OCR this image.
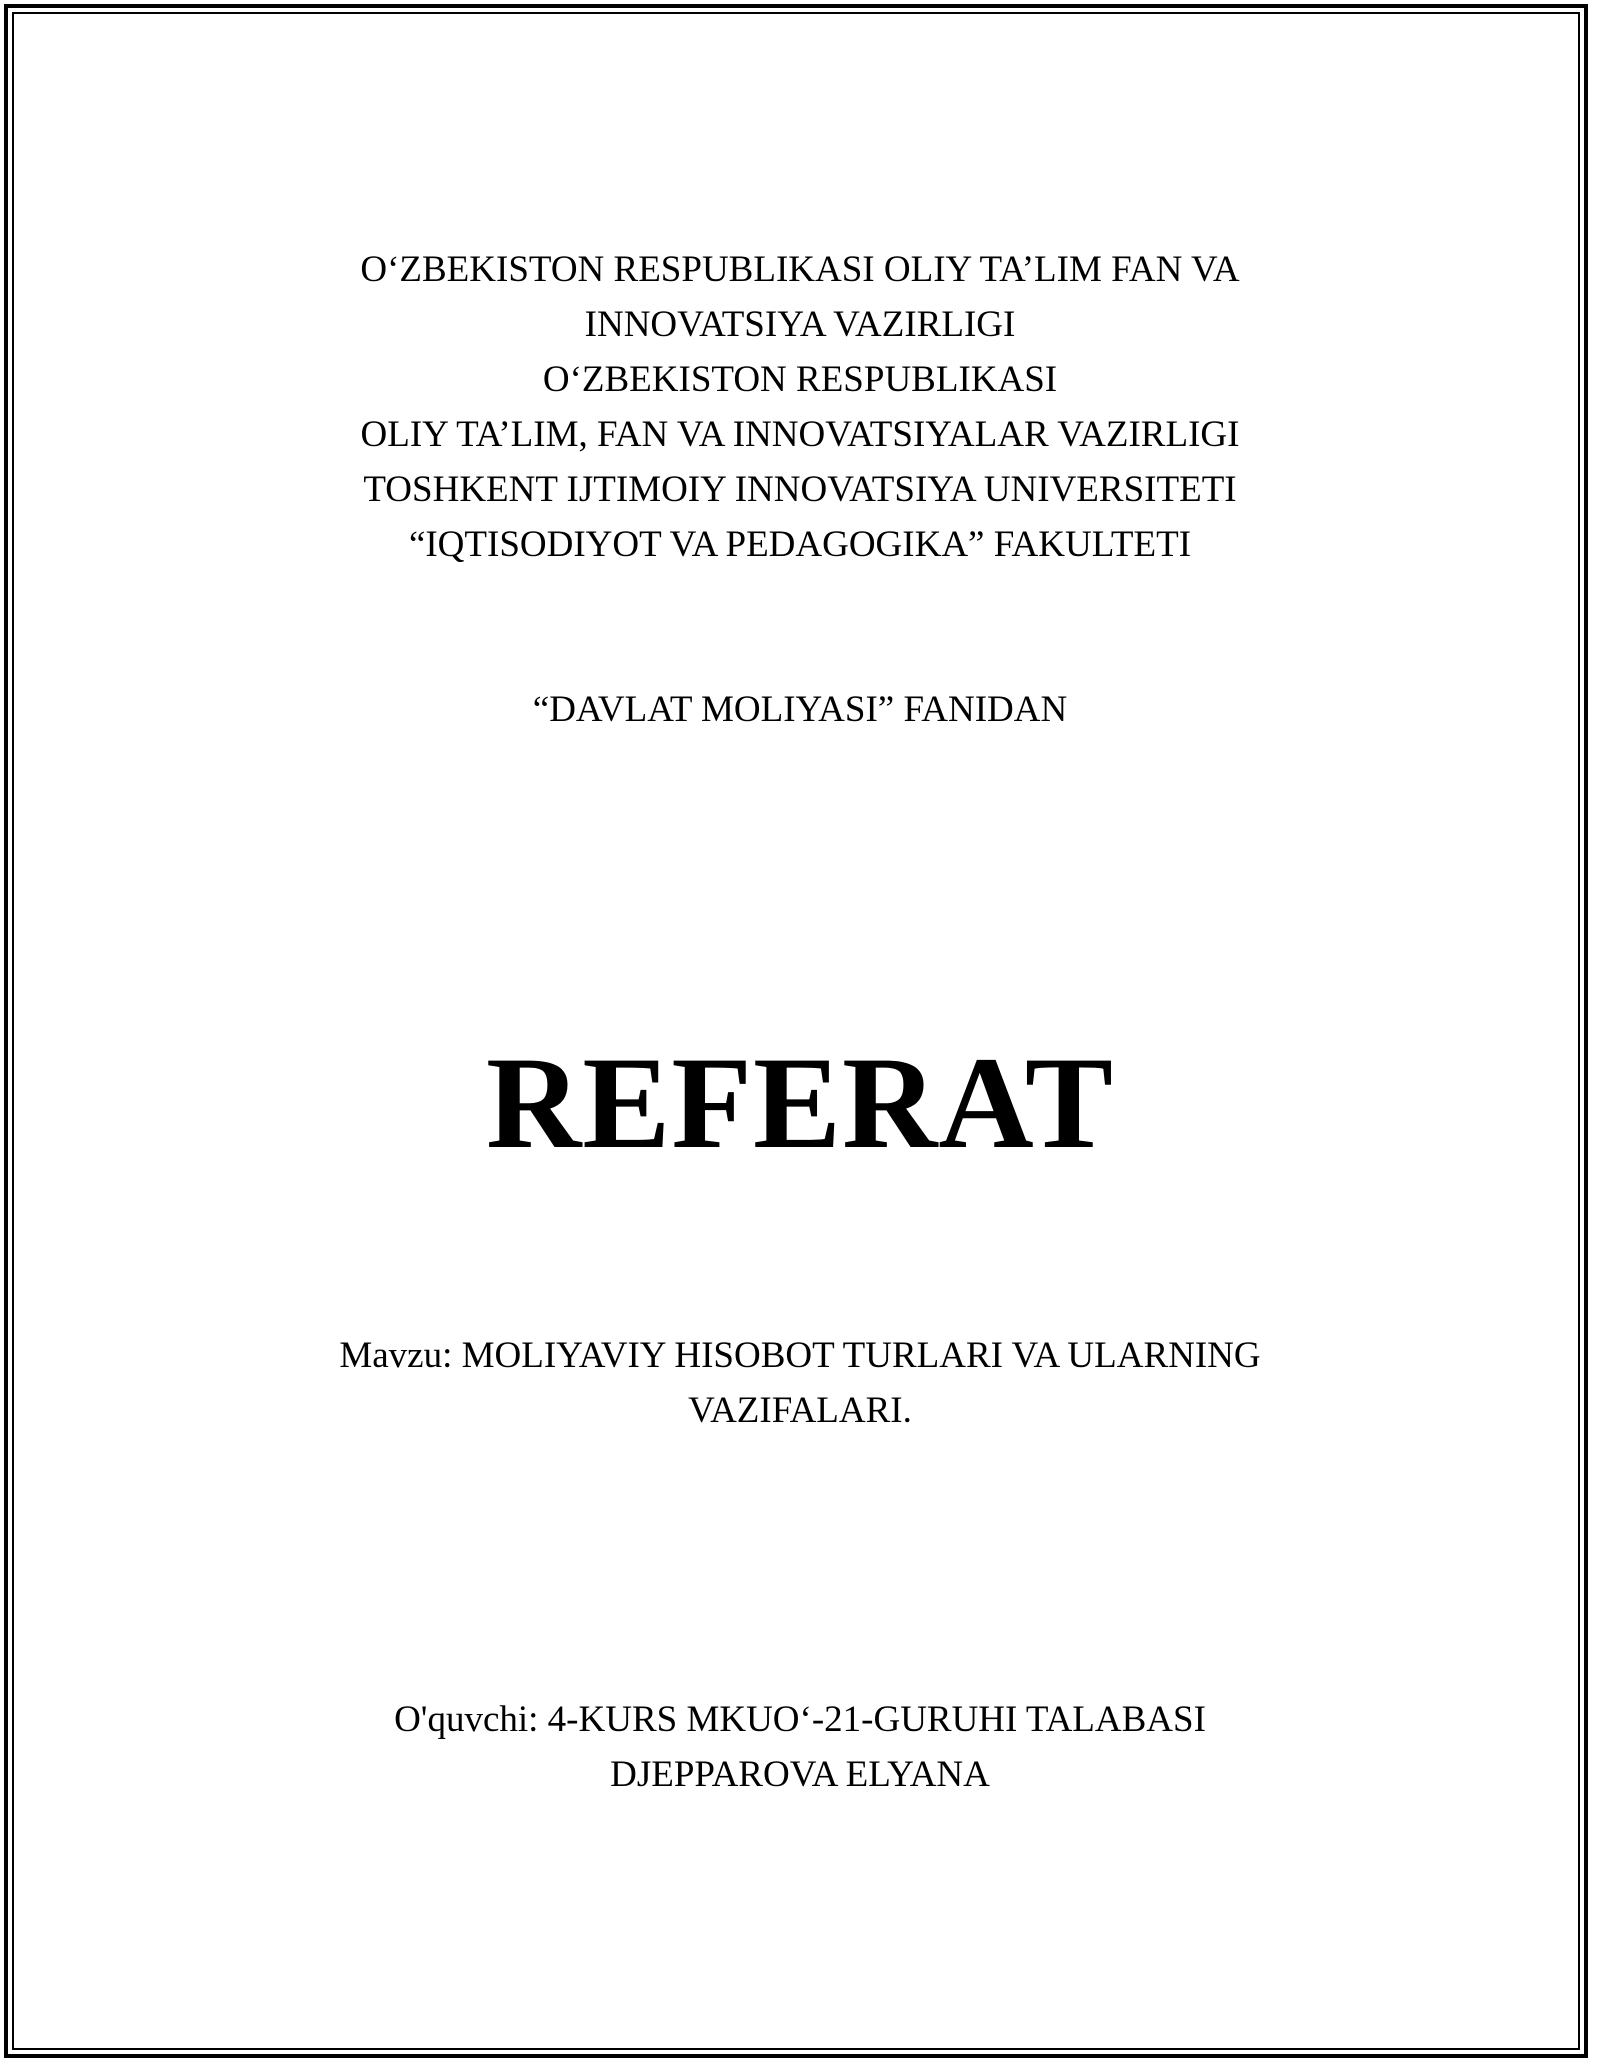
O‘ZBEKISTON RESPUBLIKASI OLIY TA’LIM FAN VA
INNOVATSIYA VAZIRLIGI
O‘ZBEKISTON RESPUBLIKASI
OLIY TA’LIM, FAN VA INNOVATSIYALAR VAZIRLIGI
TOSHKENT IJTIMOIY INNOVATSIYA UNIVERSITETI
“IQTISODIYOT VA PEDAGOGIKA” FAKULTETI
“DAVLAT MOLIYASI” FANIDAN
REFERAT
Mavzu: MOLIYAVIY HISOBOT TURLARI VA ULARNING
VAZIFALARI.
O'quvchi: 4-KURS MKUO‘-21-GURUHI TALABASI
DJEPPAROVA ELYANA
